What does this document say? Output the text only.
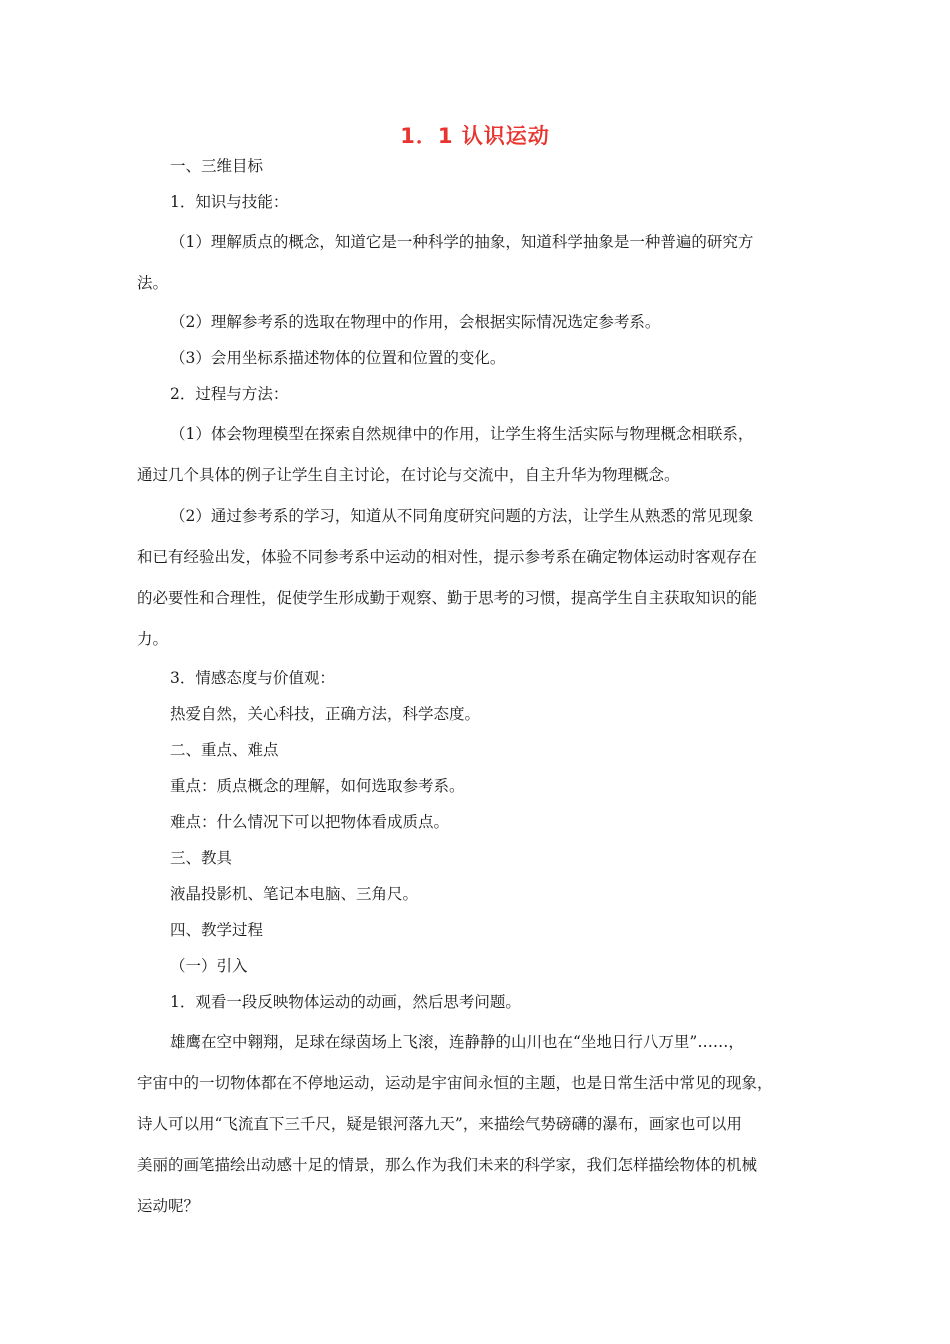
1．1 认识运动

一、三维目标

1．知识与技能：

（1）理解质点的概念，知道它是一种科学的抽象，知道科学抽象是一种普遍的研究方
法。

（2）理解参考系的选取在物理中的作用，会根据实际情况选定参考系。

（3）会用坐标系描述物体的位置和位置的变化。

2．过程与方法：

（1）体会物理模型在探索自然规律中的作用，让学生将生活实际与物理概念相联系，
通过几个具体的例子让学生自主讨论，在讨论与交流中，自主升华为物理概念。
（2）通过参考系的学习，知道从不同角度研究问题的方法，让学生从熟悉的常见现象
和已有经验出发，体验不同参考系中运动的相对性，提示参考系在确定物体运动时客观存在
的必要性和合理性，促使学生形成勤于观察、勤于思考的习惯，提高学生自主获取知识的能
力。

3．情感态度与价值观：

热爱自然，关心科技，正确方法，科学态度。

二、重点、难点

重点：质点概念的理解，如何选取参考系。

难点：什么情况下可以把物体看成质点。

三、教具

液晶投影机、笔记本电脑、三角尺。

四、教学过程

（一）引入

1．观看一段反映物体运动的动画，然后思考问题。

雄鹰在空中翱翔，足球在绿茵场上飞滚，连静静的山川也在“坐地日行八万里”……，
宇宙中的一切物体都在不停地运动，运动是宇宙间永恒的主题，也是日常生活中常见的现象，
诗人可以用“飞流直下三千尺，疑是银河落九天”，来描绘气势磅礴的瀑布，画家也可以用
美丽的画笔描绘出动感十足的情景，那么作为我们未来的科学家，我们怎样描绘物体的机械
运动呢？
